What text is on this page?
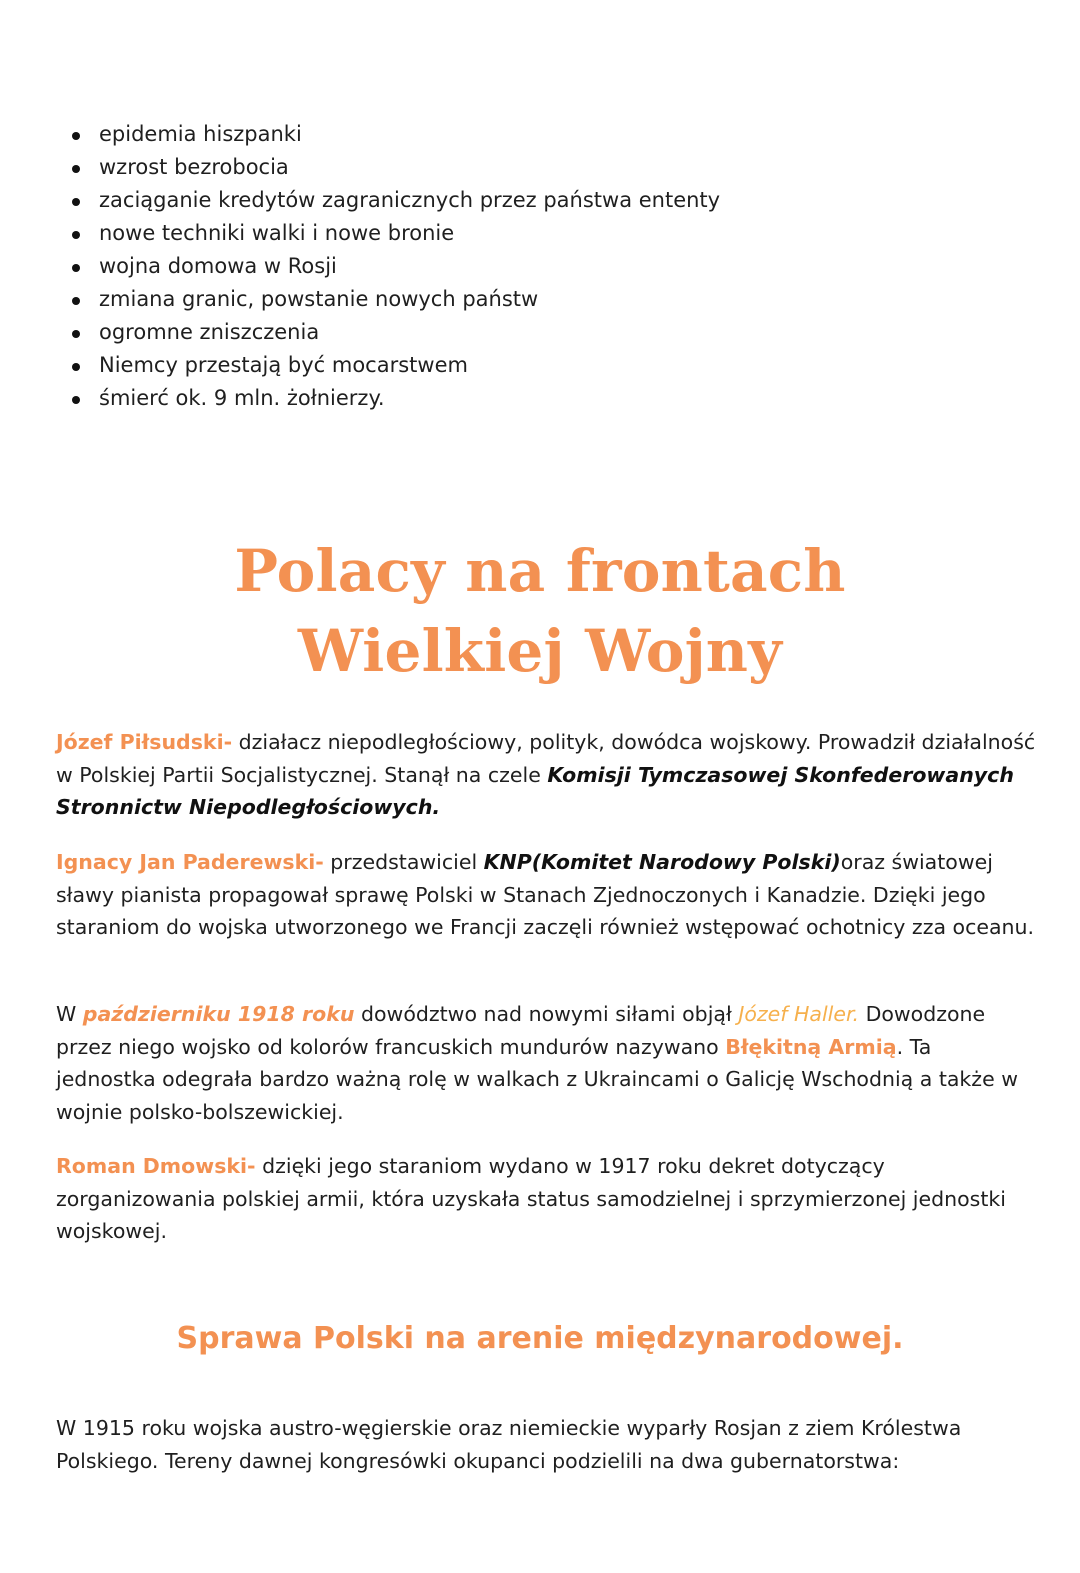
epidemia hiszpanki
wzrost bezrobocia
zaciąganie kredytów zagranicznych przez państwa ententy
nowe techniki walki i nowe bronie
wojna domowa w Rosji
zmiana granic, powstanie nowych państw
ogromne zniszczenia
Niemcy przestają być mocarstwem
śmierć ok. 9 mln. żołnierzy.
Polacy na frontach
Wielkiej Wojny

Józef Piłsudski- działacz niepodległościowy, polityk, dowódca wojskowy. Prowadził działalność w Polskiej Partii Socjalistycznej. Stanął na czele Komisji Tymczasowej Skonfederowanych Stronnictw Niepodległościowych.

Ignacy Jan Paderewski- przedstawiciel KNP(Komitet Narodowy Polski)oraz światowej sławy pianista propagował sprawę Polski w Stanach Zjednoczonych i Kanadzie. Dzięki jego staraniom do wojska utworzonego we Francji zaczęli również wstępować ochotnicy zza oceanu.

W październiku 1918 roku dowództwo nad nowymi siłami objął Józef Haller. Dowodzone przez niego wojsko od kolorów francuskich mundurów nazywano Błękitną Armią. Ta jednostka odegrała bardzo ważną rolę w walkach z Ukraincami o Galicję Wschodnią a także w wojnie polsko-bolszewickiej.

Roman Dmowski- dzięki jego staraniom wydano w 1917 roku dekret dotyczący zorganizowania polskiej armii, która uzyskała status samodzielnej i sprzymierzonej jednostki wojskowej.

Sprawa Polski na arenie międzynarodowej.

W 1915 roku wojska austro-węgierskie oraz niemieckie wyparły Rosjan z ziem Królestwa Polskiego. Tereny dawnej kongresówki okupanci podzielili na dwa gubernatorstwa:
